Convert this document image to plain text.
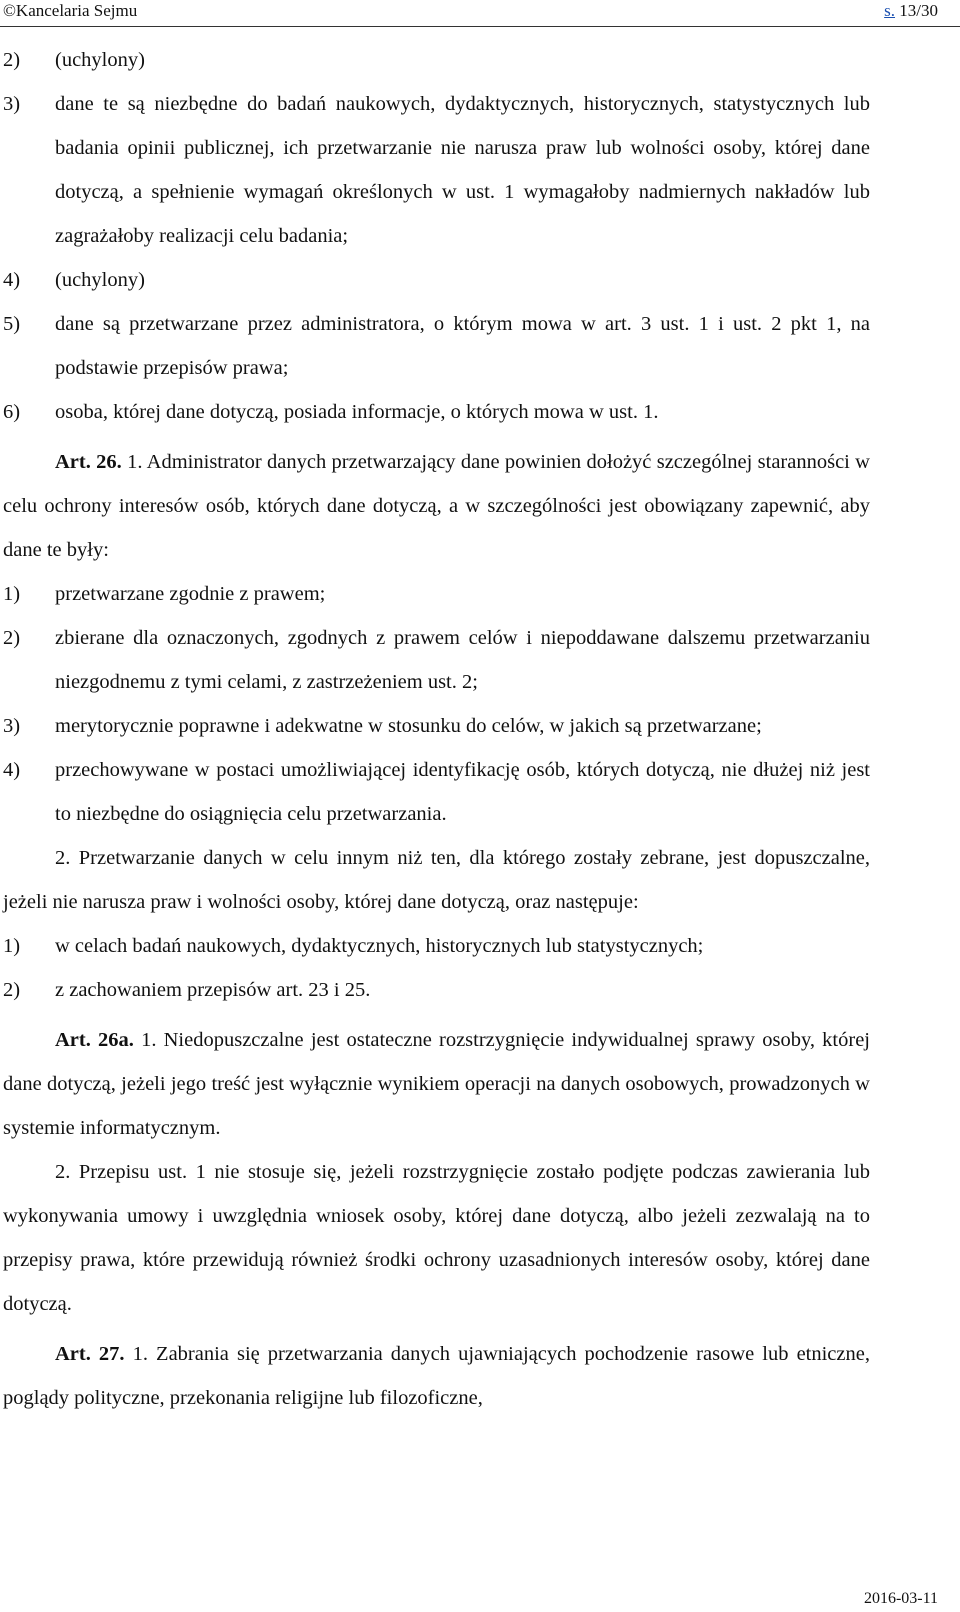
©Kancelaria Sejmu	s. 13/30
2)	(uchylony)
3)	dane te są niezbędne do badań naukowych, dydaktycznych, historycznych, statystycznych lub badania opinii publicznej, ich przetwarzanie nie narusza praw lub wolności osoby, której dane dotyczą, a spełnienie wymagań określonych w ust. 1 wymagałoby nadmiernych nakładów lub zagrażałoby realizacji celu badania;
4)	(uchylony)
5)	dane są przetwarzane przez administratora, o którym mowa w art. 3 ust. 1 i ust. 2 pkt 1, na podstawie przepisów prawa;
6)	osoba, której dane dotyczą, posiada informacje, o których mowa w ust. 1.

Art. 26. 1. Administrator danych przetwarzający dane powinien dołożyć szczególnej staranności w celu ochrony interesów osób, których dane dotyczą, a w szczególności jest obowiązany zapewnić, aby dane te były:

1)	przetwarzane zgodnie z prawem;
2)	zbierane dla oznaczonych, zgodnych z prawem celów i niepoddawane dalszemu przetwarzaniu niezgodnemu z tymi celami, z zastrzeżeniem ust. 2;
3)	merytorycznie poprawne i adekwatne w stosunku do celów, w jakich są przetwarzane;
4)	przechowywane w postaci umożliwiającej identyfikację osób, których dotyczą, nie dłużej niż jest to niezbędne do osiągnięcia celu przetwarzania.

2. Przetwarzanie danych w celu innym niż ten, dla którego zostały zebrane, jest dopuszczalne, jeżeli nie narusza praw i wolności osoby, której dane dotyczą, oraz następuje:

1)	w celach badań naukowych, dydaktycznych, historycznych lub statystycznych;
2)	z zachowaniem przepisów art. 23 i 25.

Art. 26a. 1. Niedopuszczalne jest ostateczne rozstrzygnięcie indywidualnej sprawy osoby, której dane dotyczą, jeżeli jego treść jest wyłącznie wynikiem operacji na danych osobowych, prowadzonych w systemie informatycznym.

2. Przepisu ust. 1 nie stosuje się, jeżeli rozstrzygnięcie zostało podjęte podczas zawierania lub wykonywania umowy i uwzględnia wniosek osoby, której dane dotyczą, albo jeżeli zezwalają na to przepisy prawa, które przewidują również środki ochrony uzasadnionych interesów osoby, której dane dotyczą.

Art. 27. 1. Zabrania się przetwarzania danych ujawniających pochodzenie rasowe lub etniczne, poglądy polityczne, przekonania religijne lub filozoficzne,

2016-03-11
